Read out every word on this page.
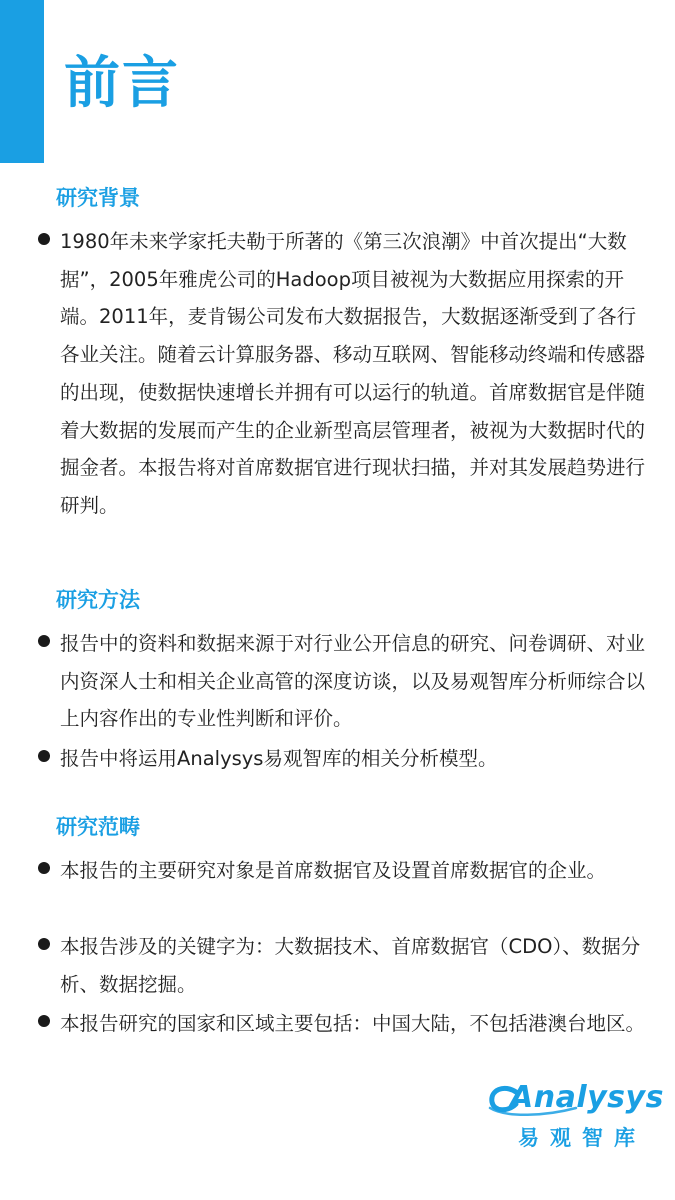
前言
研究背景
1980年未来学家托夫勒于所著的《第三次浪潮》中首次提出“大数据”，2005年雅虎公司的Hadoop项目被视为大数据应用探索的开端。2011年，麦肯锡公司发布大数据报告，大数据逐渐受到了各行各业关注。随着云计算服务器、移动互联网、智能移动终端和传感器的出现，使数据快速增长并拥有可以运行的轨道。首席数据官是伴随着大数据的发展而产生的企业新型高层管理者，被视为大数据时代的掘金者。本报告将对首席数据官进行现状扫描，并对其发展趋势进行研判。
研究方法
报告中的资料和数据来源于对行业公开信息的研究、问卷调研、对业内资深人士和相关企业高管的深度访谈，以及易观智库分析师综合以上内容作出的专业性判断和评价。
报告中将运用Analysys易观智库的相关分析模型。
研究范畴
本报告的主要研究对象是首席数据官及设置首席数据官的企业。
本报告涉及的关键字为：大数据技术、首席数据官（CDO）、数据分析、数据挖掘。
本报告研究的国家和区域主要包括：中国大陆，不包括港澳台地区。
Analysys
易观智库
